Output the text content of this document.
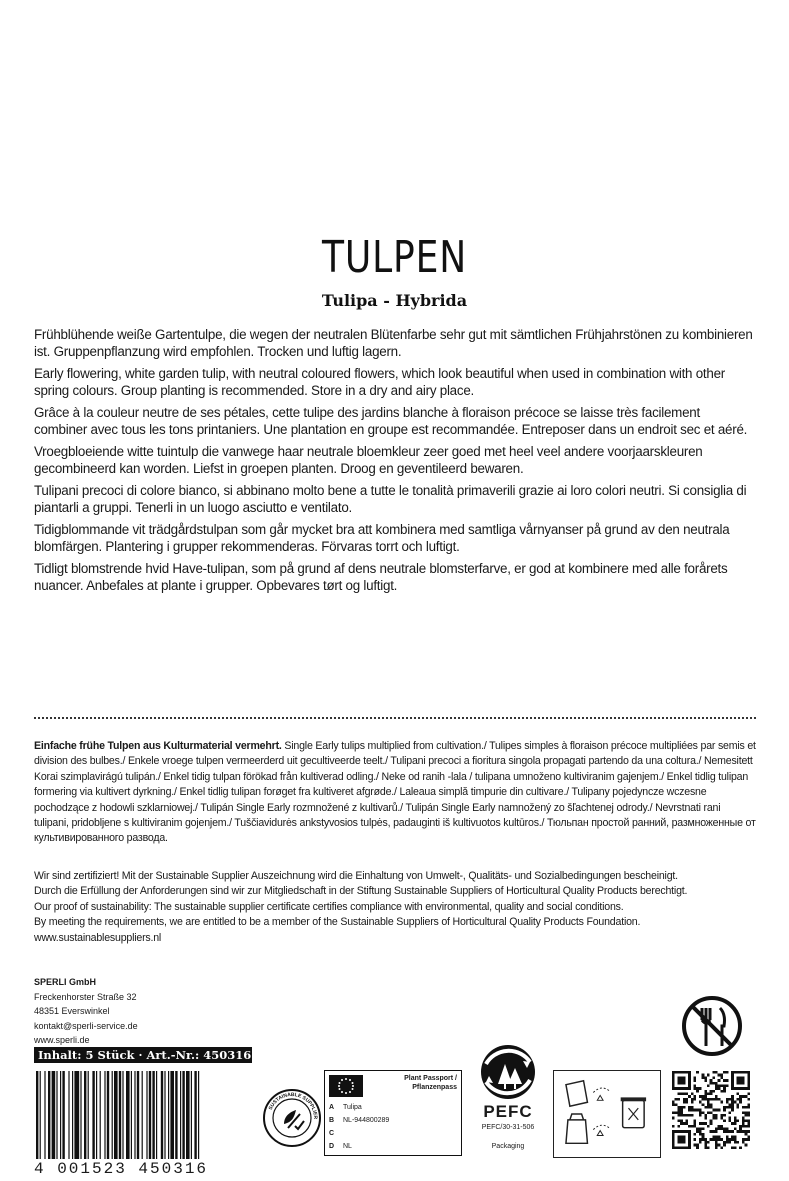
TULPEN
Tulipa - Hybrida

Frühblühende weiße Gartentulpe, die wegen der neutralen Blütenfarbe sehr gut mit sämtlichen Frühjahrstönen zu kombinieren ist. Gruppenpflanzung wird empfohlen. Trocken und luftig lagern.

Early flowering, white garden tulip, with neutral coloured flowers, which look beautiful when used in combination with other spring colours. Group planting is recommended. Store in a dry and airy place.

Grâce à la couleur neutre de ses pétales, cette tulipe des jardins blanche à floraison précoce se laisse très facilement combiner avec tous les tons printaniers. Une plantation en groupe est recommandée. Entreposer dans un endroit sec et aéré.

Vroegbloeiende witte tuintulp die vanwege haar neutrale bloemkleur zeer goed met heel veel andere voorjaarskleuren gecombineerd kan worden. Liefst in groepen planten. Droog en geventileerd bewaren.

Tulipani precoci di colore bianco, si abbinano molto bene a tutte le tonalità primaverili grazie ai loro colori neutri. Si consiglia di piantarli a gruppi. Tenerli in un luogo asciutto e ventilato.

Tidigblommande vit trädgårdstulpan som går mycket bra att kombinera med samtliga vårnyanser på grund av den neutrala blomfärgen. Plantering i grupper rekommenderas. Förvaras torrt och luftigt.

Tidligt blomstrende hvid Have-tulipan, som på grund af dens neutrale blomsterfarve, er god at kombinere med alle forårets nuancer. Anbefales at plante i grupper. Opbevares tørt og luftigt.

Einfache frühe Tulpen aus Kulturmaterial vermehrt. Single Early tulips multiplied from cultivation./ Tulipes simples à floraison précoce multipliées par semis et division des bulbes./ Enkele vroege tulpen vermeerderd uit gecultiveerde teelt./ Tulipani precoci a fioritura singola propagati partendo da una coltura./ Nemesitett Korai szimplavirágú tulipán./ Enkel tidig tulpan förökad från kultiverad odling./ Neke od ranih -lala / tulipana umnoženo kultiviranim gajenjem./ Enkel tidlig tulipan formering via kultivert dyrkning./ Enkel tidlig tulipan forøget fra kultiveret afgrøde./ Laleaua simplă timpurie din cultivare./ Tulipany pojedyncze wczesne pochodzące z hodowli szklarniowej./ Tulipán Single Early rozmnožené z kultivarů./ Tulipán Single Early namnožený zo šľachtenej odrody./ Nevrstnati rani tulipani, pridobljene s kultiviranim gojenjem./ Tuščiavidurės ankstyvosios tulpės, padauginti iš kultivuotos kultūros./ Тюльпан простой ранний, размноженные от культивированного развода.

Wir sind zertifiziert! Mit der Sustainable Supplier Auszeichnung wird die Einhaltung von Umwelt-, Qualitäts- und Sozialbedingungen bescheinigt.
Durch die Erfüllung der Anforderungen sind wir zur Mitgliedschaft in der Stiftung Sustainable Suppliers of Horticultural Quality Products berechtigt.
Our proof of sustainability: The sustainable supplier certificate certifies compliance with environmental, quality and social conditions.
By meeting the requirements, we are entitled to be a member of the Sustainable Suppliers of Horticultural Quality Products Foundation.
www.sustainablesuppliers.nl
SPERLI GmbH
Freckenhorster Straße 32
48351 Everswinkel
kontakt@sperli-service.de
www.sperli.de
Inhalt: 5 Stück · Art.-Nr.: 450316
4 001523 450316
SUSTAINABLE SUPPLIER
Plant Passport /
Pflanzenpass
A Tulipa
B NL-944800289
C
D NL
PEFC
PEFC/30-31-506
Packaging
